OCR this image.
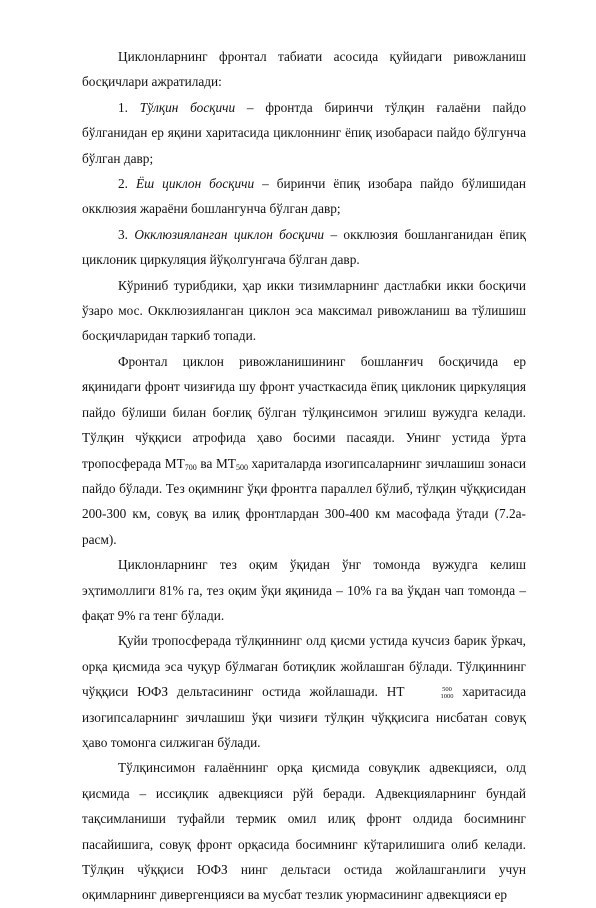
Циклонларнинг фронтал табиати асосида қуйидаги ривожланиш босқичлари ажратилади:

1. Тўлқин босқичи – фронтда биринчи тўлқин ғалаёни пайдо бўлганидан ер яқини харитасида циклоннинг ёпиқ изобараси пайдо бўлгунча бўлган давр;

2. Ёш циклон босқичи – биринчи ёпиқ изобара пайдо бўлишидан окклюзия жараёни бошлангунча бўлган давр;

3. Окклюзияланган циклон босқичи – окклюзия бошланганидан ёпиқ циклоник циркуляция йўқолгунгача бўлган давр.

Кўриниб турибдики, ҳар икки тизимларнинг дастлабки икки босқичи ўзаро мос. Окклюзияланган циклон эса максимал ривожланиш ва тўлишиш босқичларидан таркиб топади.

Фронтал циклон ривожланишининг бошланғич босқичида ер яқинидаги фронт чизиғида шу фронт участкасида ёпиқ циклоник циркуляция пайдо бўлиши билан боғлиқ бўлган тўлқинсимон эгилиш вужудга келади. Тўлқин чўққиси атрофида ҳаво босими пасаяди. Унинг устида ўрта тропосферада $МТ_{700}$ ва $МТ_{500}$ хариталарда изогипсаларнинг зичлашиш зонаси пайдо бўлади. Тез оқимнинг ўқи фронтга параллел бўлиб, тўлқин чўққисидан 200-300 км, совуқ ва илиқ фронтлардан 300-400 км масофада ўтади (7.2а-расм).

Циклонларнинг тез оқим ўқидан ўнг томонда вужудга келиш эҳтимоллиги 81% га, тез оқим ўқи яқинида – 10% га ва ўқдан чап томонда – фақат 9% га тенг бўлади.

Қуйи тропосферада тўлқиннинг олд қисми устида кучсиз барик ўркач, орқа қисмида эса чуқур бўлмаган ботиқлик жойлашган бўлади. Тўлқиннинг чўққиси ЮФЗ дельтасининг остида жойлашади. НТ	500
1000 харитасида изогипсаларнинг зичлашиш ўқи чизиғи тўлқин чўққисига нисбатан совуқ ҳаво томонга силжиган бўлади.

Тўлқинсимон ғалаённинг орқа қисмида совуқлик адвекцияси, олд қисмида – иссиқлик адвекцияси рўй беради. Адвекцияларнинг бундай тақсимланиши туфайли термик омил илиқ фронт олдида босимнинг пасайишига, совуқ фронт орқасида босимнинг кўтарилишига олиб келади. Тўлқин чўққиси ЮФЗ нинг дельтаси остида жойлашганлиги учун оқимларнинг дивергенцияси ва мусбат тезлик уюрмасининг адвекцияси ер
